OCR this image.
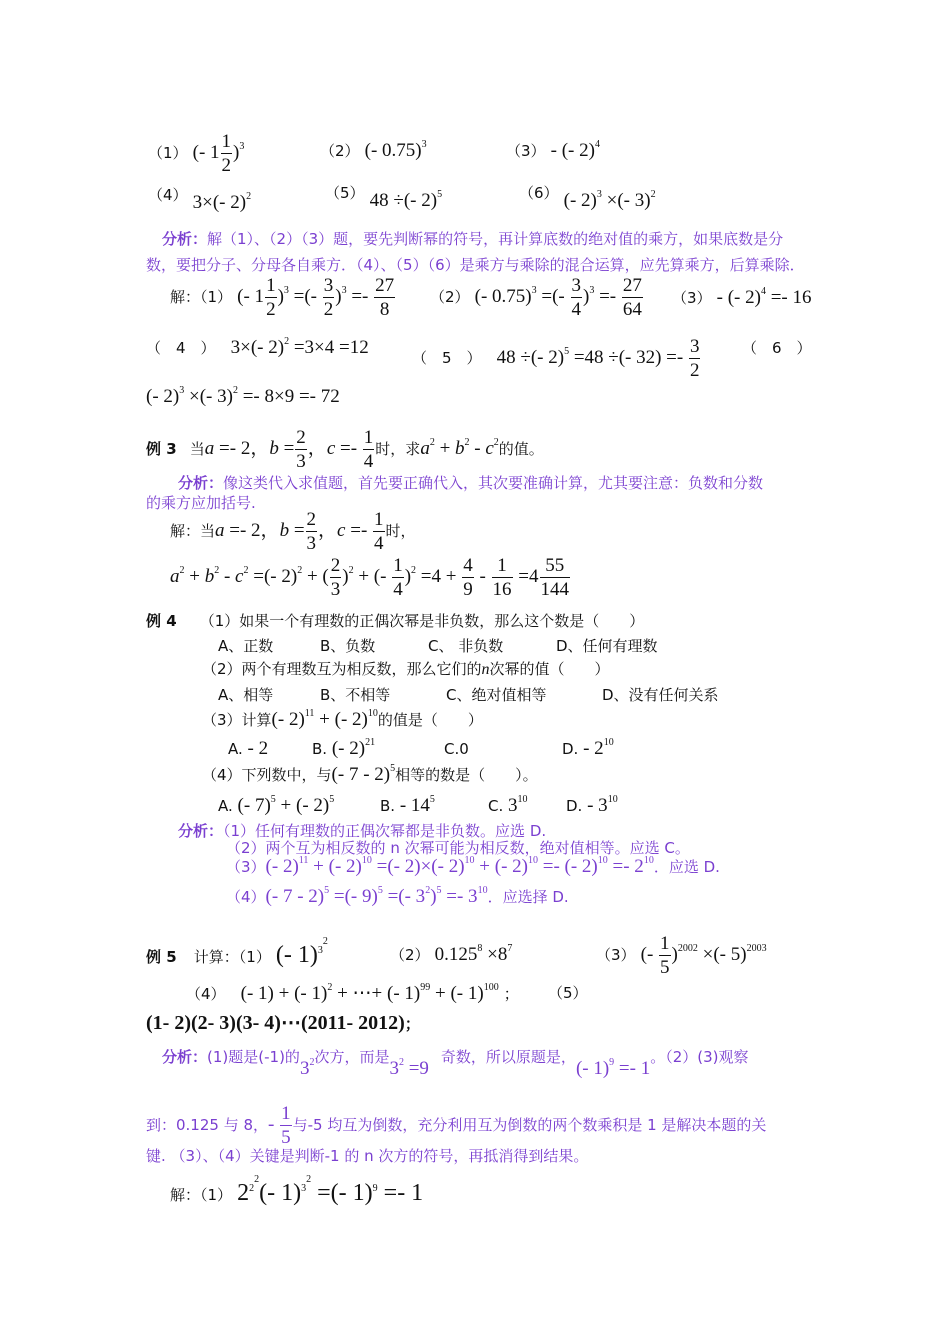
（1） (- $1 \frac{1}{2} )^3$	（2） (- 0.75)$^3$	（3） - (- 2)$^4$
（4） 3×(- 2)$^2$	（5） 48 ÷(- 2)$^5$	（6） (- 2)$^3$ ×(- 3)$^2$
分析：解（1）、（2）（3）题，要先判断幂的符号，再计算底数的绝对值的乘方，如果底数是分
数，要把分子、分母各自乘方．（4）、（5）（6）是乘方与乘除的混合运算，应先算乘方，后算乘除．
解：（1） (- $1 \frac{1}{2} )^3$ =(- $\frac{3}{2} )^3 =- \frac{27}{8} (2)$ (- 0.75)$^3$ =(- $\frac{3}{4} )^3 =- \frac{27}{64} (3)$ - (- 2)$^4$ =- 16
（　4　） 3×(- 2)$^2$ =3×4 =12	（　5　） 48 ÷(- 2)$^5$ =48 ÷(- $32) =- \frac{3}{2}$	（　6　）
(- 2)$^3$ ×(- 3)$^2$ =- 8×9 =- 72
例 3 当a =- 2，$b = \frac{2}{3}$ ，$c =- \frac{1}{4}$ 时，求$a^2 + b^2 - c^2$的值。
分析：像这类代入求值题，首先要正确代入，其次要准确计算，尤其要注意：负数和分数
的乘方应加括号.
解：当a =- 2，$b = \frac{2}{3}$ ，$c =- \frac{1}{4}$ 时，
$a^2 + b^2 - c^2$ =(- 2)$^2$ + ( $\frac{2}{3} )^2$ + (- $\frac{1}{4} )^2 =4 + \frac{4}{9} - \frac{1}{16} =4 \frac{55}{144}$
例 4 （1）如果一个有理数的正偶次幂是非负数，那么这个数是（　　）
A、正数	B、负数	C、 非负数	D、任何有理数
（2）两个有理数互为相反数，那么它们的n次幂的值（　　）
A、相等	B、不相等	C、绝对值相等	D、没有任何关系
（3）计算(- 2)$^{11}$ + (- 2)$^{10}$的值是（　　）
A. - 2	B. (- 2)$^{21}$	C.0	D. - $2^{10}$
（4）下列数中，与(- 7 - 2)$^5$相等的数是（　　）。
A. (- 7)$^5$ + (- 2)$^5$	B. - $14^5$	C. $3^{10}$	D. - $3^{10}$
分析：（1）任何有理数的正偶次幂都是非负数。应选 D.
（2）两个互为相反数的 n 次幂可能为相反数，绝对值相等。应选 C。
（3）(- 2)$^{11}$ + (- 2)$^{10}$ =(- 2)×(- 2)$^{10}$ + (- 2)$^{10}$ =- (- $2)^{10} =- 2^{10}$．应选 D.
（4）(- 7 - 2)$^5$ =(- 9)$^5$ =(- $3^2)^5 =- 3^{10}$．应选择 D.
例 5 计算：（1） (- 1)$^{3^2}$
（2） $0.125^8 \times 8^7$	（3） (- $\frac{1}{5} )^{2002}$ ×(- 5)$^{2003}$
（4） (- 1) + (- 1)$^2$ + ⋯+ (- 1)$^{99}$ + (- 1)$^{100}$ ； （5）
(1- 2)(2- 3)(3- 4)⋯(2011- 2012)；
分析：(1)题是(-1)的$3^2$次方，而是$3^2 =9$奇数，所以原题是，(- 1)$^9$ =- 1。（2）(3)观察
到：0.125 与 8，- $\frac{1}{5}$ 与-5 均互为倒数，充分利用互为倒数的两个数乘积是 1 是解决本题的关
键. （3）、（4）关键是判断-1 的 n 次方的符号，再抵消得到结果。
解：（1） $2^{2^2}(-$ 1)$^{3^2}$ =(- 1)$^9$ =- 1
